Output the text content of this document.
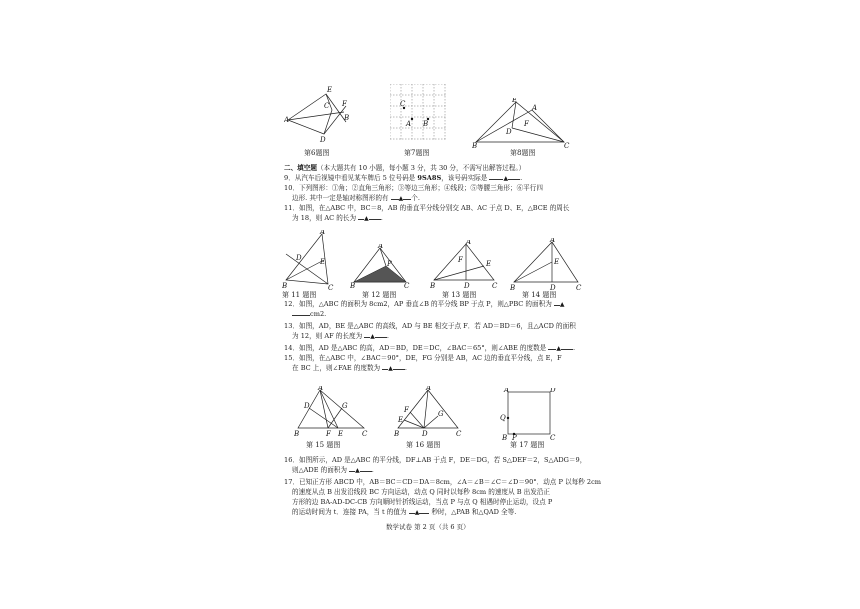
A
E
C F
B
D
第6题图
C
A B
第7题图
E
A
F
D
B	C
第8题图
二、填空题（本大题共有 10 小题，每小题 3 分，共 30 分，不需写出解答过程。）
9．从汽车后视镜中看见某车牌后 5 位号码是 9SA8S，该号码实际是	▲ .
10．下列图形：①角；②直角三角形；③等边三角形；④线段；⑤等腰三角形；⑥平行四
边形. 其中一定是轴对称图形的有 ▲ 个.
11．如图，在△ABC 中，BC＝8，AB 的垂直平分线分别交 AB、AC 于点 D、E，△BCE 的周长
为 18，则 AC 的长为 ▲ .
A
D	E
B	C
第 11 题图
A
P
B	C
第 12 题图
A
F	E
B	D	C
第 13 题图
A
E
B	D	C
第 14 题图
12．如图，△ABC 的面积为 8cm2，AP 垂直∠B 的平分线 BP 于点 P，则△PBC 的面积为 ▲
cm2.
13．如图，AD，BE 是△ABC 的高线，AD 与 BE 相交于点 F．若 AD＝BD＝6，且△ACD 的面积
为 12，则 AF 的长度为 ▲ .
14．如图，AD 是△ABC 的高，AD＝BD，DE＝DC，∠BAC＝65°，则∠ABE 的度数是 ▲ .
15．如图，在△ABC 中，∠BAC＝90°，DE，FG 分别是 AB，AC 边的垂直平分线，点 E，F
在 BC 上，则∠FAE 的度数为 ▲ .
A
D	G
B	F E	C
第 15 题图
A
F
E
G
B	D	C
第 16 题图
A	D
Q
B P	C
第 17 题图
16．如图所示，AD 是△ABC 的平分线，DF⊥AB 于点 F，DE＝DG，若 S△DEF＝2，S△ADG＝9，
则△ADE 的面积为 ▲ .
17．已知正方形 ABCD 中，AB＝BC＝CD＝DA＝8cm，∠A＝∠B＝∠C＝∠D＝90°．动点 P 以每秒 2cm
的速度从点 B 出发沿线段 BC 方向运动，动点 Q 同时以每秒 8cm 的速度从 B 出发沿正
方形的边 BA-AD-DC-CB 方向顺时针折线运动，当点 P 与点 Q 相遇时停止运动，设点 P
的运动时间为 t．连接 PA，当 t 的值为 ▲ 秒时，△PAB 和△QAD 全等.
数学试卷 第 2 页（共 6 页）
